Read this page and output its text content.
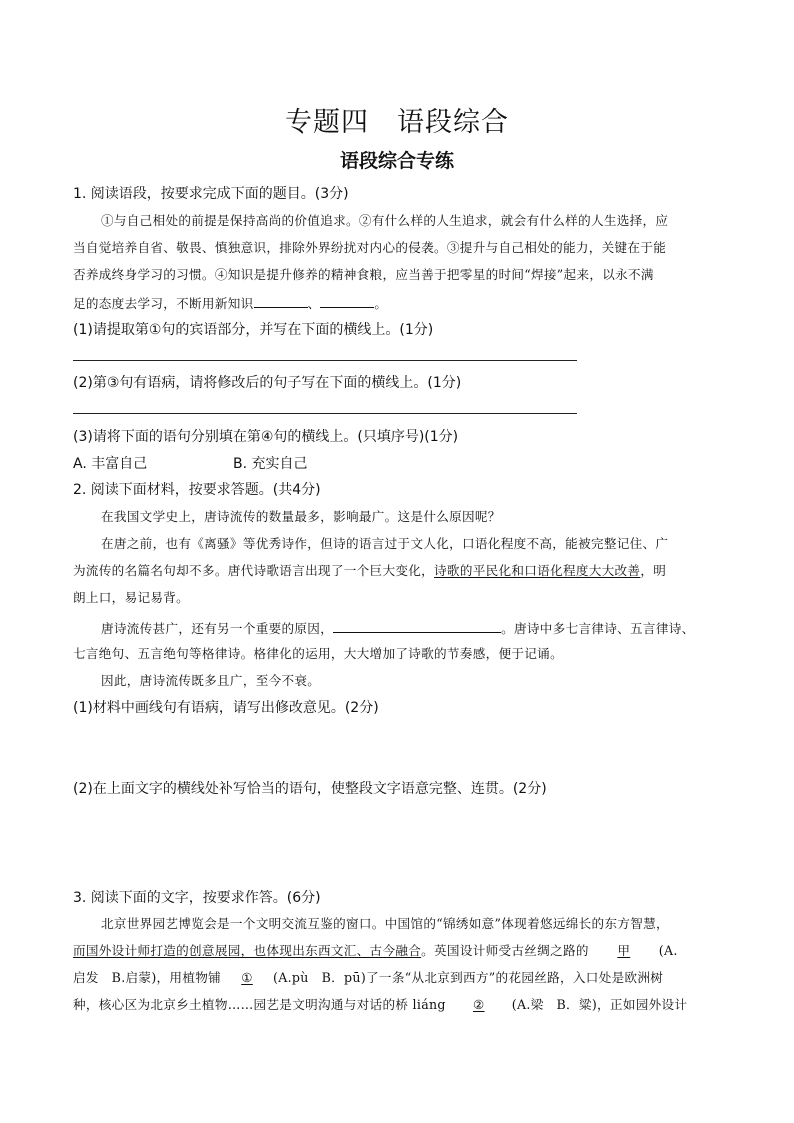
专题四　语段综合
语段综合专练
1. 阅读语段，按要求完成下面的题目。(3分)
①与自己相处的前提是保持高尚的价值追求。②有什么样的人生追求，就会有什么样的人生选择，应
当自觉培养自省、敬畏、慎独意识，排除外界纷扰对内心的侵袭。③提升与自己相处的能力，关键在于能
否养成终身学习的习惯。④知识是提升修养的精神食粮，应当善于把零星的时间“焊接”起来，以永不满
足的态度去学习，不断用新知识	、	。
(1)请提取第①句的宾语部分，并写在下面的横线上。(1分)
(2)第③句有语病，请将修改后的句子写在下面的横线上。(1分)
(3)请将下面的语句分别填在第④句的横线上。(只填序号)(1分)
A. 丰富自己	B. 充实自己
2. 阅读下面材料，按要求答题。(共4分)
在我国文学史上，唐诗流传的数量最多，影响最广。这是什么原因呢？
在唐之前，也有《离骚》等优秀诗作，但诗的语言过于文人化，口语化程度不高，能被完整记住、广
为流传的名篇名句却不多。唐代诗歌语言出现了一个巨大变化，诗歌的平民化和口语化程度大大改善，明
朗上口，易记易背。
唐诗流传甚广，还有另一个重要的原因，	。唐诗中多七言律诗、五言律诗、
七言绝句、五言绝句等格律诗。格律化的运用，大大增加了诗歌的节奏感，便于记诵。
因此，唐诗流传既多且广，至今不衰。
(1)材料中画线句有语病，请写出修改意见。(2分)
(2)在上面文字的横线处补写恰当的语句，使整段文字语意完整、连贯。(2分)
3. 阅读下面的文字，按要求作答。(6分)
北京世界园艺博览会是一个文明交流互鉴的窗口。中国馆的“锦绣如意”体现着悠远绵长的东方智慧，
而国外设计师打造的创意展园，也体现出东西文汇、古今融合。英国设计师受古丝绸之路的 甲 (A.
启发　B.启蒙)，用植物铺 ① (A.pù　B．pū)了一条“从北京到西方”的花园丝路，入口处是欧洲树
种，核心区为北京乡土植物……园艺是文明沟通与对话的桥 liáng ② (A.梁　B．粱)，正如园外设计
